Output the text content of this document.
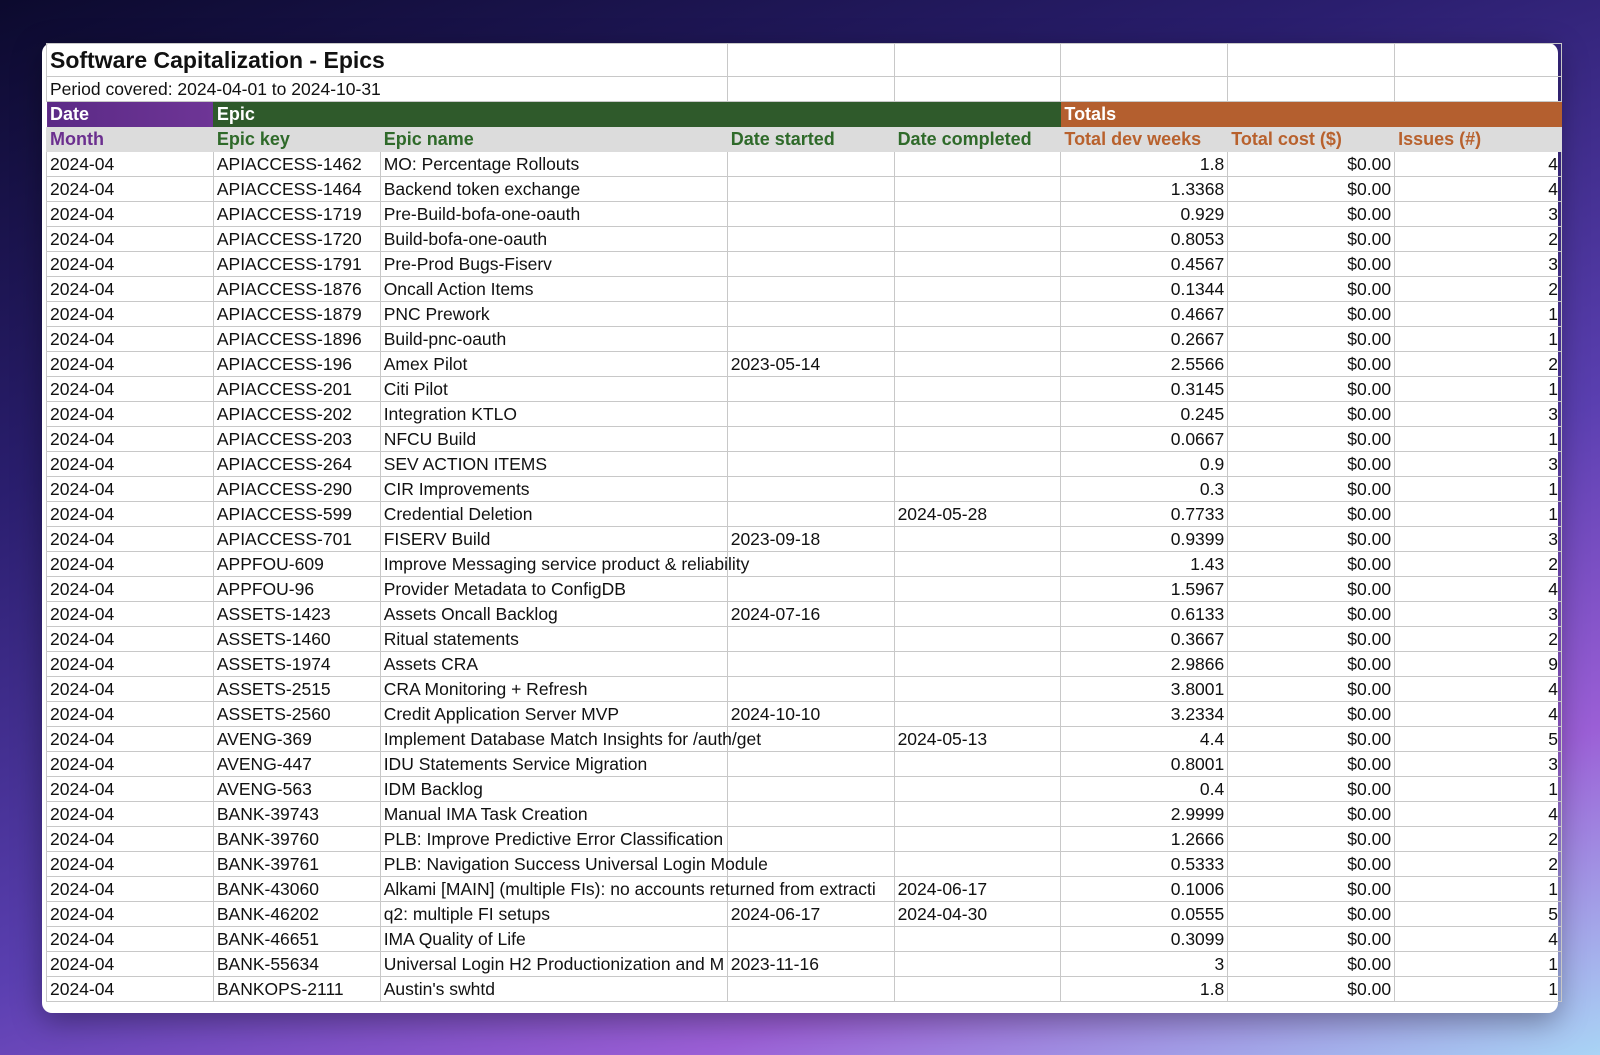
Software Capitalization - Epics							
Period covered: 2024-04-01 to 2024-10-31							
Date	Epic				Totals		
Month	Epic key	Epic name	Date started	Date completed	Total dev weeks	Total cost ($)	Issues (#)
2024-04	APIACCESS-1462	MO: Percentage Rollouts			1.8	$0.00	4
2024-04	APIACCESS-1464	Backend token exchange			1.3368	$0.00	4
2024-04	APIACCESS-1719	Pre-Build-bofa-one-oauth			0.929	$0.00	3
2024-04	APIACCESS-1720	Build-bofa-one-oauth			0.8053	$0.00	2
2024-04	APIACCESS-1791	Pre-Prod Bugs-Fiserv			0.4567	$0.00	3
2024-04	APIACCESS-1876	Oncall Action Items			0.1344	$0.00	2
2024-04	APIACCESS-1879	PNC Prework			0.4667	$0.00	1
2024-04	APIACCESS-1896	Build-pnc-oauth			0.2667	$0.00	1
2024-04	APIACCESS-196	Amex Pilot	2023-05-14		2.5566	$0.00	2
2024-04	APIACCESS-201	Citi Pilot			0.3145	$0.00	1
2024-04	APIACCESS-202	Integration KTLO			0.245	$0.00	3
2024-04	APIACCESS-203	NFCU Build			0.0667	$0.00	1
2024-04	APIACCESS-264	SEV ACTION ITEMS			0.9	$0.00	3
2024-04	APIACCESS-290	CIR Improvements			0.3	$0.00	1
2024-04	APIACCESS-599	Credential Deletion		2024-05-28	0.7733	$0.00	1
2024-04	APIACCESS-701	FISERV Build	2023-09-18		0.9399	$0.00	3
2024-04	APPFOU-609	Improve Messaging service product & reliability			1.43	$0.00	2
2024-04	APPFOU-96	Provider Metadata to ConfigDB			1.5967	$0.00	4
2024-04	ASSETS-1423	Assets Oncall Backlog	2024-07-16		0.6133	$0.00	3
2024-04	ASSETS-1460	Ritual statements			0.3667	$0.00	2
2024-04	ASSETS-1974	Assets CRA			2.9866	$0.00	9
2024-04	ASSETS-2515	CRA Monitoring + Refresh			3.8001	$0.00	4
2024-04	ASSETS-2560	Credit Application Server MVP	2024-10-10		3.2334	$0.00	4
2024-04	AVENG-369	Implement Database Match Insights for /auth/get		2024-05-13	4.4	$0.00	5
2024-04	AVENG-447	IDU Statements Service Migration			0.8001	$0.00	3
2024-04	AVENG-563	IDM Backlog			0.4	$0.00	1
2024-04	BANK-39743	Manual IMA Task Creation			2.9999	$0.00	4
2024-04	BANK-39760	PLB: Improve Predictive Error Classification			1.2666	$0.00	2
2024-04	BANK-39761	PLB: Navigation Success Universal Login Module			0.5333	$0.00	2
2024-04	BANK-43060	Alkami [MAIN] (multiple FIs): no accounts returned from extracti		2024-06-17	0.1006	$0.00	1
2024-04	BANK-46202	q2: multiple FI setups	2024-06-17	2024-04-30	0.0555	$0.00	5
2024-04	BANK-46651	IMA Quality of Life			0.3099	$0.00	4
2024-04	BANK-55634	Universal Login H2 Productionization and M	2023-11-16		3	$0.00	1
2024-04	BANKOPS-2111	Austin's swhtd			1.8	$0.00	1
